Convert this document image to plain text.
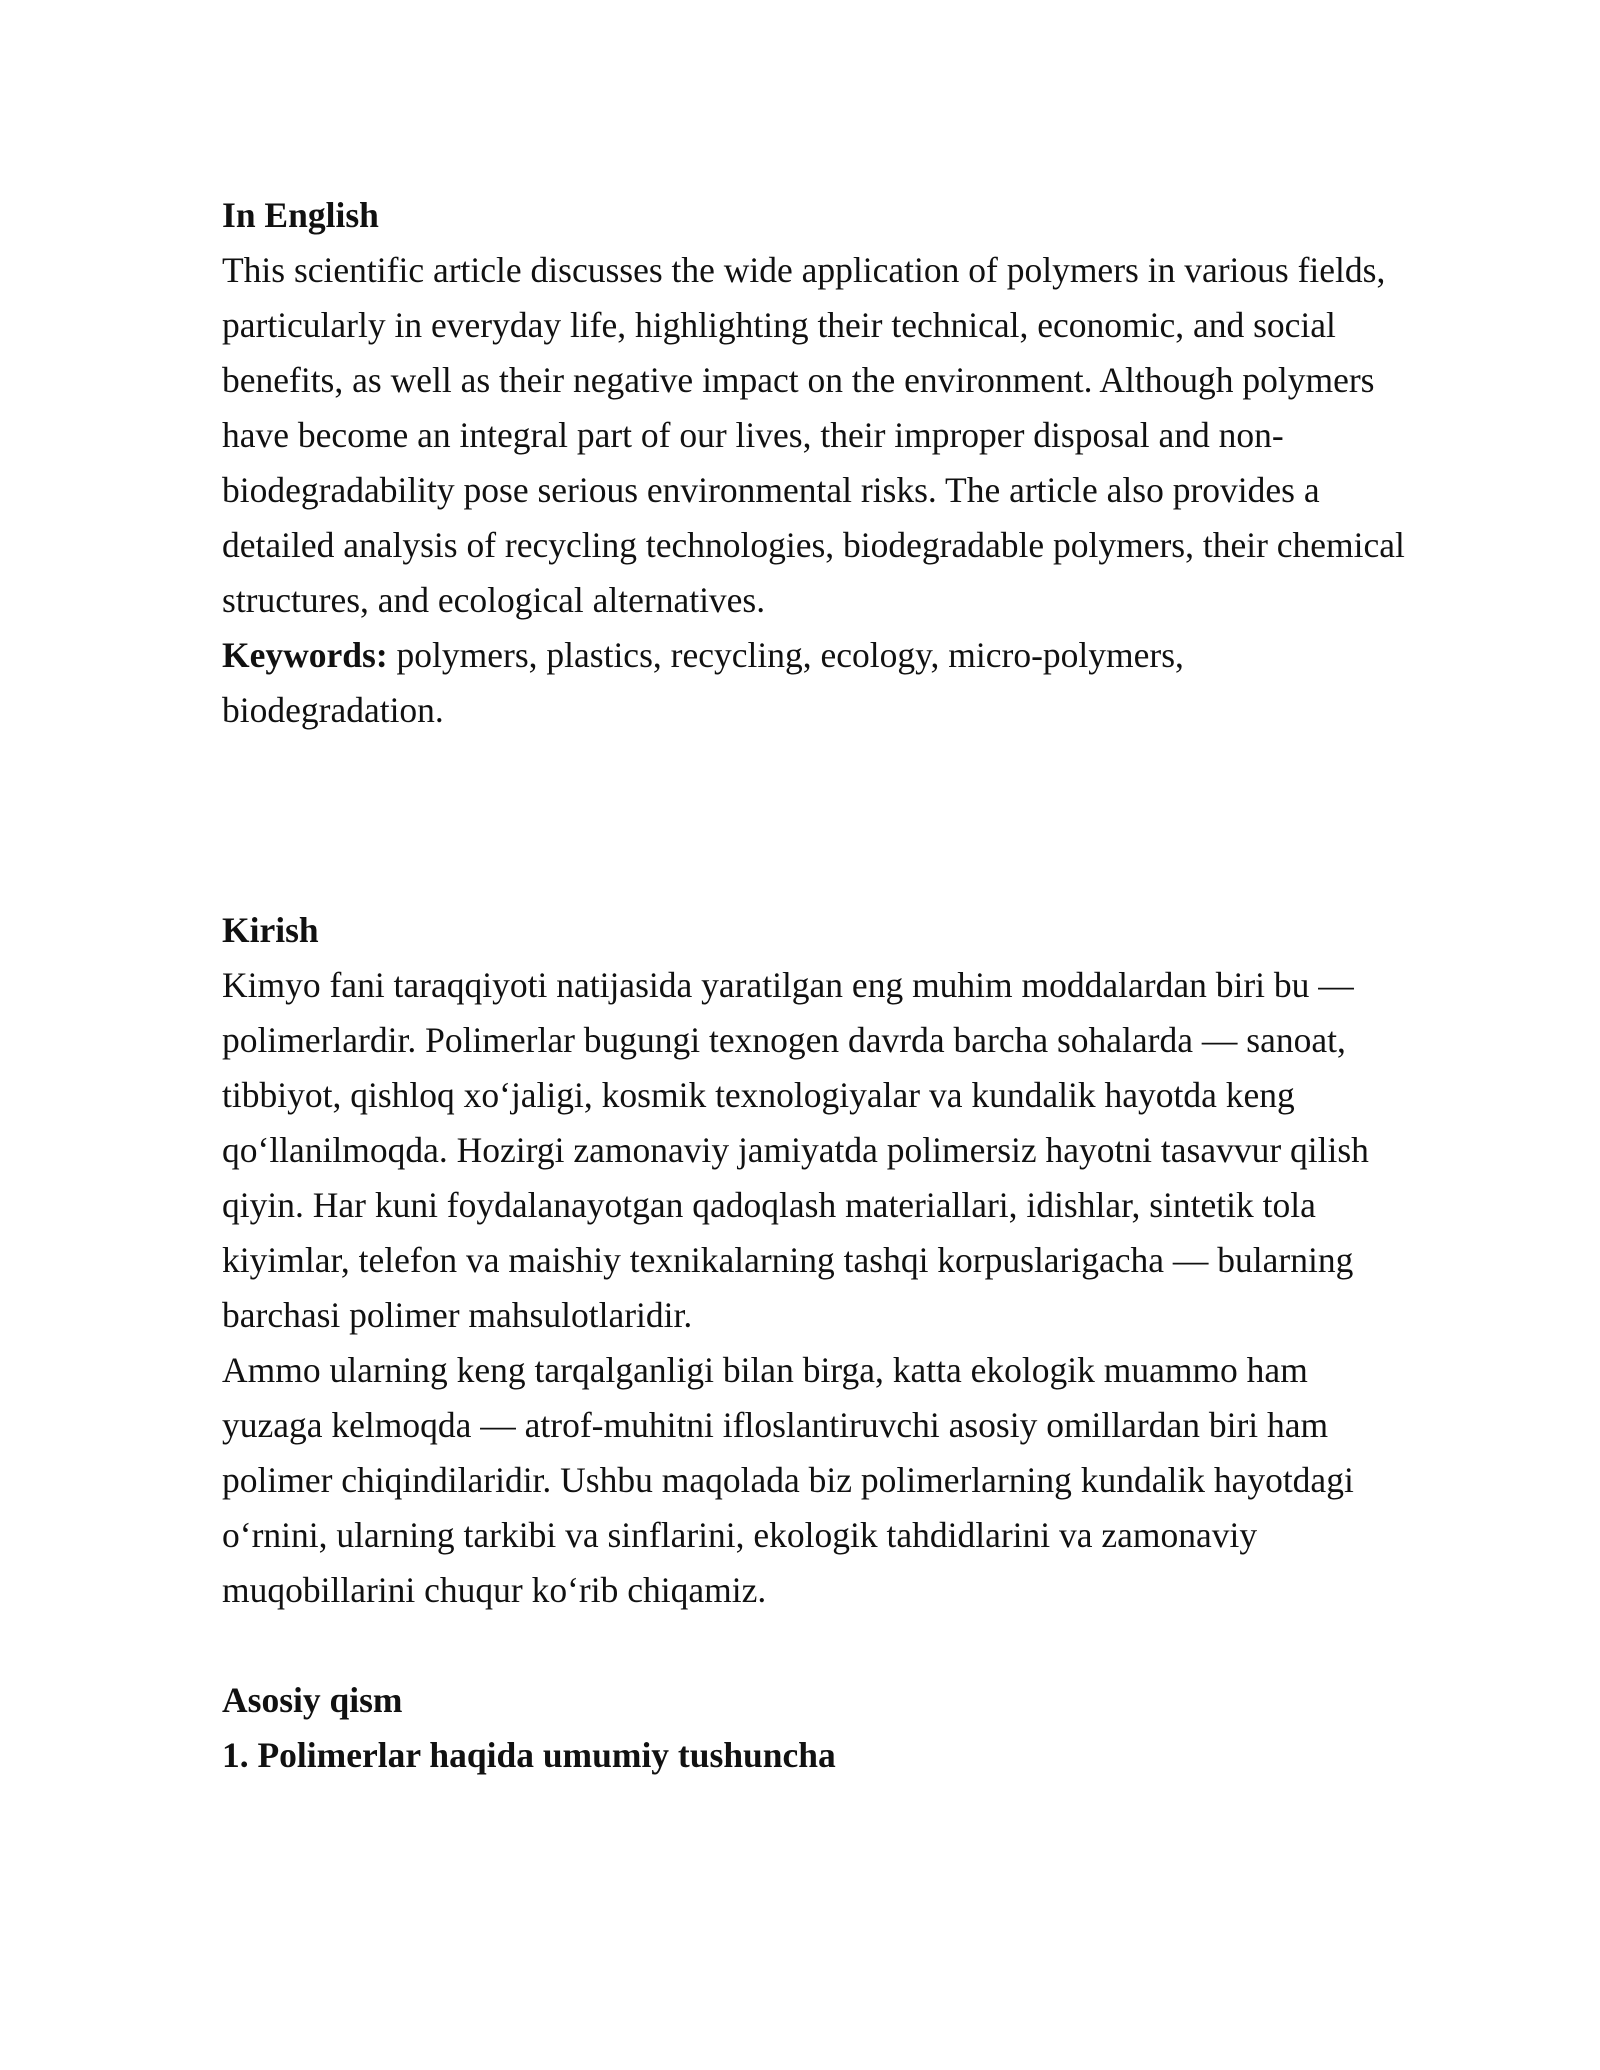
In English
This scientific article discusses the wide application of polymers in various fields,
particularly in everyday life, highlighting their technical, economic, and social
benefits, as well as their negative impact on the environment. Although polymers
have become an integral part of our lives, their improper disposal and non-
biodegradability pose serious environmental risks. The article also provides a
detailed analysis of recycling technologies, biodegradable polymers, their chemical
structures, and ecological alternatives.
Keywords: polymers, plastics, recycling, ecology, micro-polymers,
biodegradation.
Kirish
Kimyo fani taraqqiyoti natijasida yaratilgan eng muhim moddalardan biri bu —
polimerlardir. Polimerlar bugungi texnogen davrda barcha sohalarda — sanoat,
tibbiyot, qishloq xo‘jaligi, kosmik texnologiyalar va kundalik hayotda keng
qo‘llanilmoqda. Hozirgi zamonaviy jamiyatda polimersiz hayotni tasavvur qilish
qiyin. Har kuni foydalanayotgan qadoqlash materiallari, idishlar, sintetik tola
kiyimlar, telefon va maishiy texnikalarning tashqi korpuslarigacha — bularning
barchasi polimer mahsulotlaridir.
Ammo ularning keng tarqalganligi bilan birga, katta ekologik muammo ham
yuzaga kelmoqda — atrof-muhitni ifloslantiruvchi asosiy omillardan biri ham
polimer chiqindilaridir. Ushbu maqolada biz polimerlarning kundalik hayotdagi
o‘rnini, ularning tarkibi va sinflarini, ekologik tahdidlarini va zamonaviy
muqobillarini chuqur ko‘rib chiqamiz.
Asosiy qism
1. Polimerlar haqida umumiy tushuncha
